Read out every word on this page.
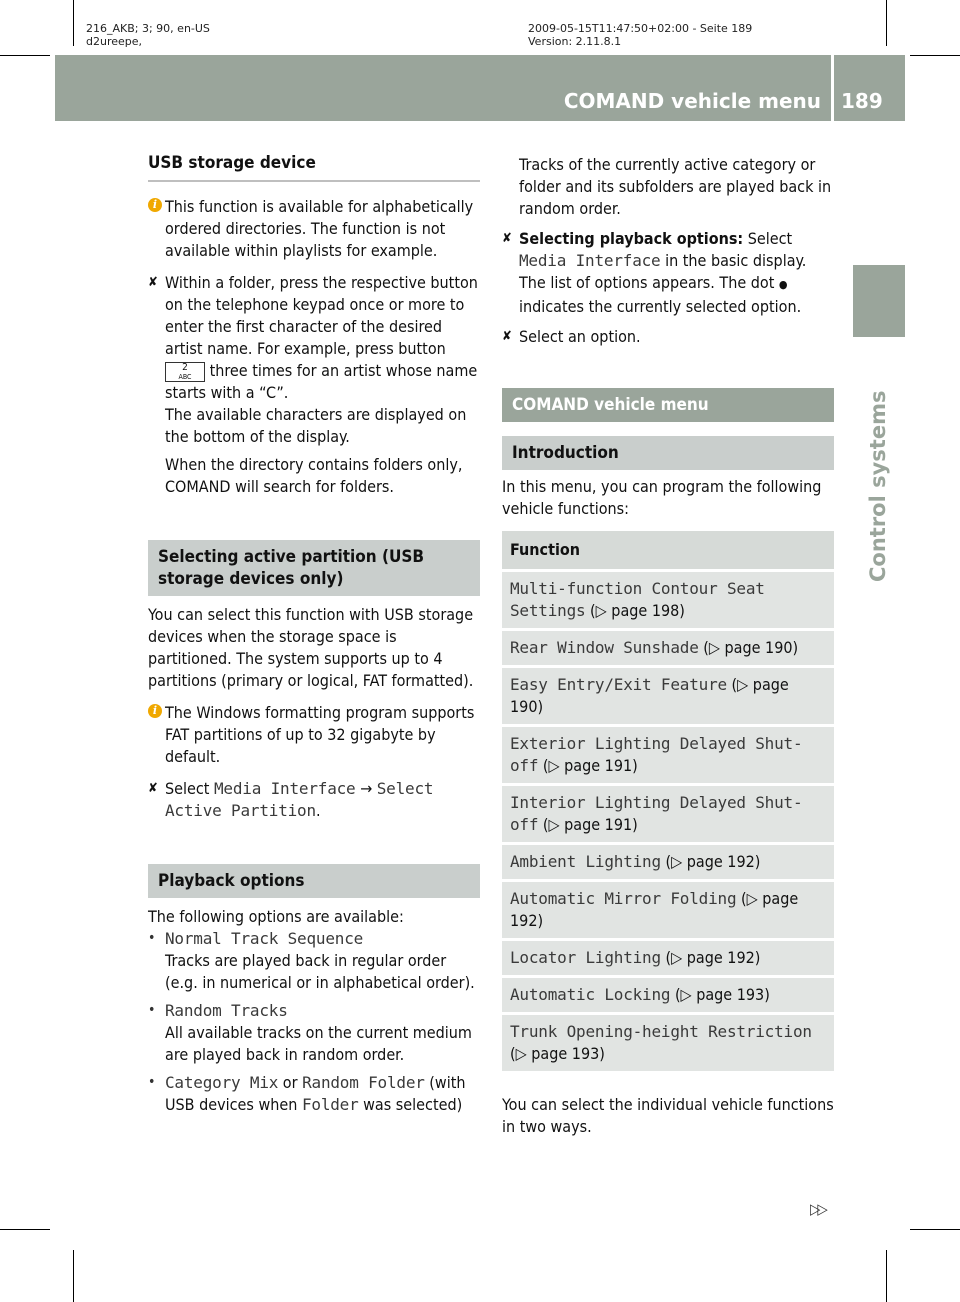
216_AKB; 3; 90, en-US
d2ureepe,
2009-05-15T11:47:50+02:00 - Seite 189
Version: 2.11.8.1
COMAND vehicle menu 189
Control systems
USB storage device
i This function is available for alphabetically ordered directories. The function is not available within playlists for example.

✘ Within a folder, press the respective button on the telephone keypad once or more to enter the first character of the desired artist name. For example, press button 2
ABC three times for an artist whose name starts with a “C”.

The available characters are displayed on the bottom of the display.

When the directory contains folders only, COMAND will search for folders.

Selecting active partition (USB storage devices only)

You can select this function with USB storage devices when the storage space is partitioned. The system supports up to 4 partitions (primary or logical, FAT formatted).

i The Windows formatting program supports FAT partitions of up to 32 gigabyte by default.

✘ Select Media Interface → Select Active Partition.

Playback options

The following options are available:

• Normal Track Sequence

Tracks are played back in regular order (e.g. in numerical or in alphabetical order).

• Random Tracks

All available tracks on the current medium are played back in random order.

• Category Mix or Random Folder (with USB devices when Folder was selected)

Tracks of the currently active category or folder and its subfolders are played back in random order.

✘ Selecting playback options: Select Media Interface in the basic display. The list of options appears. The dot ● indicates the currently selected option.

✘ Select an option.

COMAND vehicle menu
Introduction

In this menu, you can program the following vehicle functions:

Function
Multi-function Contour Seat Settings (▷ page 198)
Rear Window Sunshade (▷ page 190)
Easy Entry/Exit Feature (▷ page 190)
Exterior Lighting Delayed Shut-off (▷ page 191)
Interior Lighting Delayed Shut-off (▷ page 191)
Ambient Lighting (▷ page 192)
Automatic Mirror Folding (▷ page 192)
Locator Lighting (▷ page 192)
Automatic Locking (▷ page 193)
Trunk Opening-height Restriction (▷ page 193)

You can select the individual vehicle functions in two ways.

▷▷
